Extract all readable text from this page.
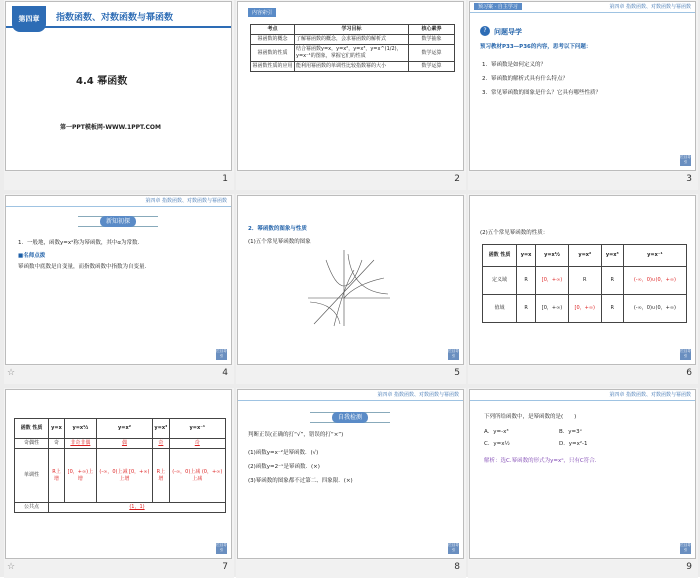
第四章	指数函数、对数函数与幂函数
4.4 幂函数
第一PPT模板网-WWW.1PPT.COM
1
内容索引
考点	学习目标	核心素养
幂函数的概念	了解幂函数的概念，会求幂函数的解析式	数学抽象
幂函数的性质	结合幂函数y=x，y=x²，y=x³，y=x^(1/2)，y=x⁻¹的图象，掌握它们的性质	数学运算
幂函数性质的应用	能利用幂函数的单调性比较指数幂的大小	数学运算
2
预习案 · 自主学习	第四章 指数函数、对数函数与幂函数
?	问题导学
预习教材P33—P36的内容，思考以下问题：
1．幂函数是如何定义的？
2．幂函数的解析式具有什么特点？
3．常见幂函数的图象是什么？它具有哪些性质？
栏目导引
3
第四章 指数函数、对数函数与幂函数
新知初探
1．一般地，函数y=xᵅ称为幂函数，其中α为常数．
■名师点拨
幂函数中底数是自变量，而指数函数中指数为自变量．
栏目导引
☆	4
2．幂函数的图象与性质
(1)五个常见幂函数的图象
栏目导引
5
(2)五个常见幂函数的性质：
函数 性质	y=x	y=x½	y=x²	y=x³	y=x⁻¹
定义域	R	[0，+∞)	R	R	(-∞，0)∪(0，+∞)
值域	R	[0，+∞)	[0，+∞)	R	(-∞，0)∪(0，+∞)
栏目导引
6
函数 性质	y=x	y=x½	y=x²	y=x³	y=x⁻¹
奇偶性	奇	非奇非偶	偶	奇	奇
单调性	R上增	[0，+∞)上增	(-∞，0)上减 [0，+∞)上增	R上增	(-∞，0)上减 (0，+∞)上减
公共点	(1，1)				
栏目导引
☆	7
第四章 指数函数、对数函数与幂函数
自我检测
判断正误(正确的打“√”，错误的打“×”)
(1)函数y=x⁻²是幂函数．(√)
(2)函数y=2⁻ˣ是幂函数．(×)
(3)幂函数的图象都不过第二、四象限．(×)
栏目导引
8
第四章 指数函数、对数函数与幂函数
下列所给函数中，是幂函数的是(　　)
A．y=-x³	B．y=3ˣ
C．y=x½	D．y=x²-1
解析：选C.幂函数的形式为y=xᵅ，只有C符合．
栏目导引
9
